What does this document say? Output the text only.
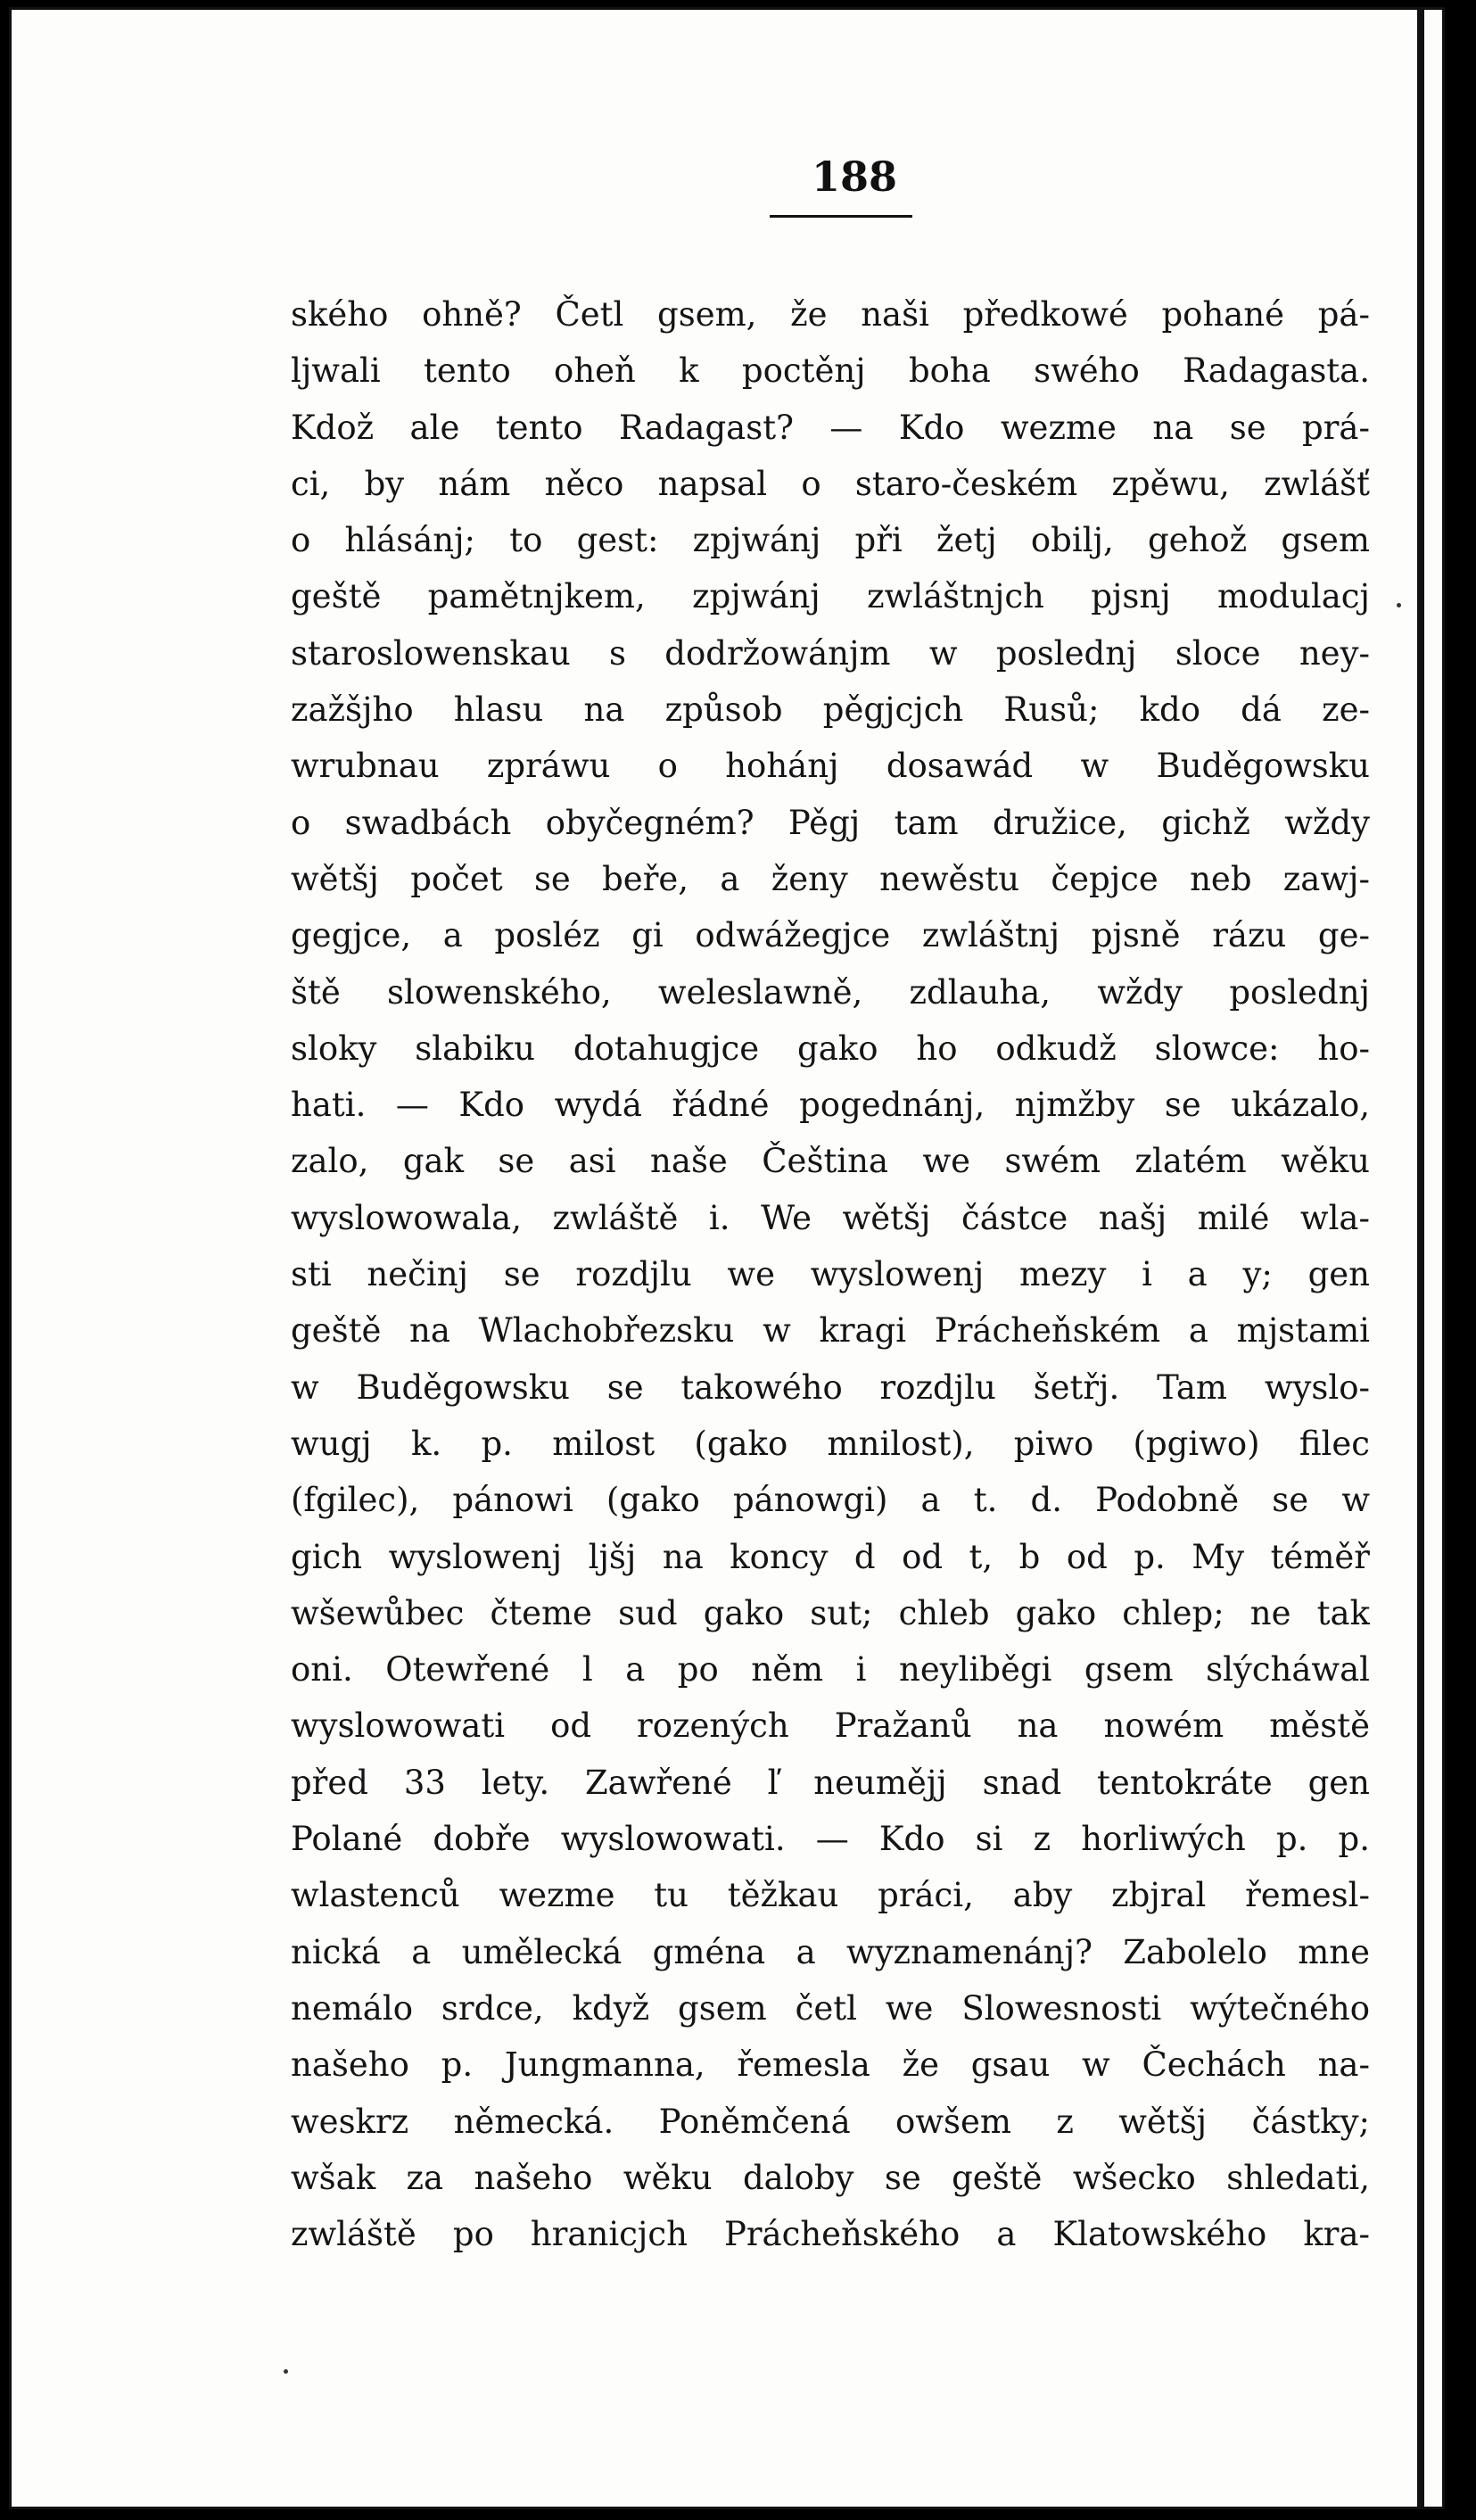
188
ského ohně? Četl gsem, že naši předkowé pohané pá-
ljwali tento oheň k poctěnj boha swého Radagasta.
Kdož ale tento Radagast? — Kdo wezme na se prá-
ci, by nám něco napsal o staro-českém zpěwu, zwlášť
o hlásánj; to gest: zpjwánj při žetj obilj, gehož gsem
geště pamětnjkem, zpjwánj zwláštnjch pjsnj modulacj
staroslowenskau s dodržowánjm w poslednj sloce ney-
zažšjho hlasu na způsob pěgjcjch Rusů; kdo dá ze-
wrubnau zpráwu o hohánj dosawád w Buděgowsku
o swadbách obyčegném? Pěgj tam družice, gichž wždy
wětšj počet se beře, a ženy newěstu čepjce neb zawj-
gegjce, a posléz gi odwážegjce zwláštnj pjsně rázu ge-
ště slowenského, weleslawně, zdlauha, wždy poslednj
sloky slabiku dotahugjce gako ho odkudž slowce: ho-
hati. — Kdo wydá řádné pogednánj, njmžby se ukázalo,
zalo, gak se asi naše Čeština we swém zlatém wěku
wyslowowala, zwláště i. We wětšj částce našj milé wla-
sti nečinj se rozdjlu we wyslowenj mezy i a y; gen
geště na Wlachobřezsku w kragi Prácheňském a mjstami
w Buděgowsku se takowého rozdjlu šetřj. Tam wyslo-
wugj k. p. milost (gako mnilost), piwo (pgiwo) filec
(fgilec), pánowi (gako pánowgi) a t. d. Podobně se w
gich wyslowenj ljšj na koncy d od t, b od p. My téměř
wšewůbec čteme sud gako sut; chleb gako chlep; ne tak
oni. Otewřené l a po něm i neyliběgi gsem slýcháwal
wyslowowati od rozených Pražanů na nowém městě
před 33 lety. Zawřené ľ neumějj snad tentokráte gen
Polané dobře wyslowowati. — Kdo si z horliwých p. p.
wlastenců wezme tu těžkau práci, aby zbjral řemesl-
nická a umělecká gména a wyznamenánj? Zabolelo mne
nemálo srdce, když gsem četl we Slowesnosti wýtečného
našeho p. Jungmanna, řemesla že gsau w Čechách na-
weskrz německá. Poněmčená owšem z wětšj částky;
wšak za našeho wěku daloby se geště wšecko shledati,
zwláště po hranicjch Prácheňského a Klatowského kra-
